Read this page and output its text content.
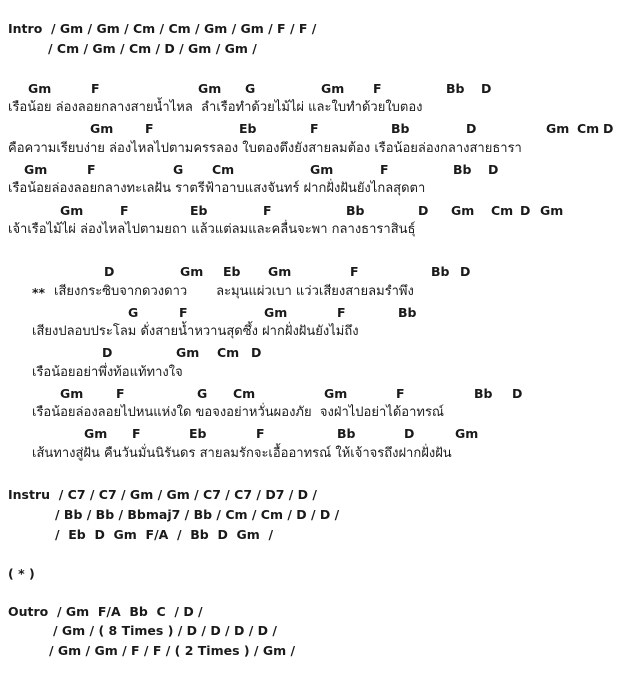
Intro  / Gm / Gm / Cm / Cm / Gm / Gm / F / F /
/ Cm / Gm / Cm / D / Gm / Gm /
Gm	F	Gm G	Gm F	Bb D
เรือน้อย ล่องลอยกลางสายน้ำไหล  ลำเรือทำด้วยไม้ไผ่ และใบทำด้วยใบตอง
Gm	F	Eb	F	Bb	D	Gm Cm D
คือความเรียบง่าย ล่องไหลไปตามครรลอง ใบตองตึงยังสายลมต้อง เรือน้อยล่องกลางสายธารา
Gm	F	G Cm	Gm	F	Bb D
เรือน้อยล่องลอยกลางทะเลฝัน ราตรีฟ้าอาบแสงจันทร์ ฝากฝั่งฝันยังไกลสุดตา
Gm	F	Eb	F	Bb	D Gm Cm D Gm
เจ้าเรือไม้ไผ่ ล่องไหลไปตามยถา แล้วแต่ลมและคลื่นจะพา กลางธาราสินธุ์
D	Gm Eb Gm	F	Bb D
** เสียงกระซิบจากดวงดาว       ละมุนแผ่วเบา แว่วเสียงสายลมรำพึง
G	F	Gm	F	Bb
เสียงปลอบประโลม ดั่งสายน้ำหวานสุดซึ้ง ฝากฝั่งฝันยังไม่ถึง
D	Gm Cm D
เรือน้อยอย่าพึ่งท้อแท้ทางใจ
Gm	F	G Cm	Gm	F	Bb D
เรือน้อยล่องลอยไปหนแห่งใด ขอจงอย่าหวั่นผองภัย  จงฝ่าไปอย่าได้อาทรณ์
Gm F	Eb	F	Bb	D	Gm
เส้นทางสู่ฝัน คืนวันมั่นนิรันดร สายลมรักจะเอื้ออาทรณ์ ให้เจ้าจรถึงฝากฝั่งฝัน
Instru  / C7 / C7 / Gm / Gm / C7 / C7 / D7 / D /
/ Bb / Bb / Bbmaj7 / Bb / Cm / Cm / D / D /
/  Eb  D  Gm  F/A  /  Bb  D  Gm  /
( * )
Outro  / Gm  F/A  Bb  C  / D /
/ Gm / ( 8 Times ) / D / D / D / D /
/ Gm / Gm / F / F / ( 2 Times ) / Gm /
